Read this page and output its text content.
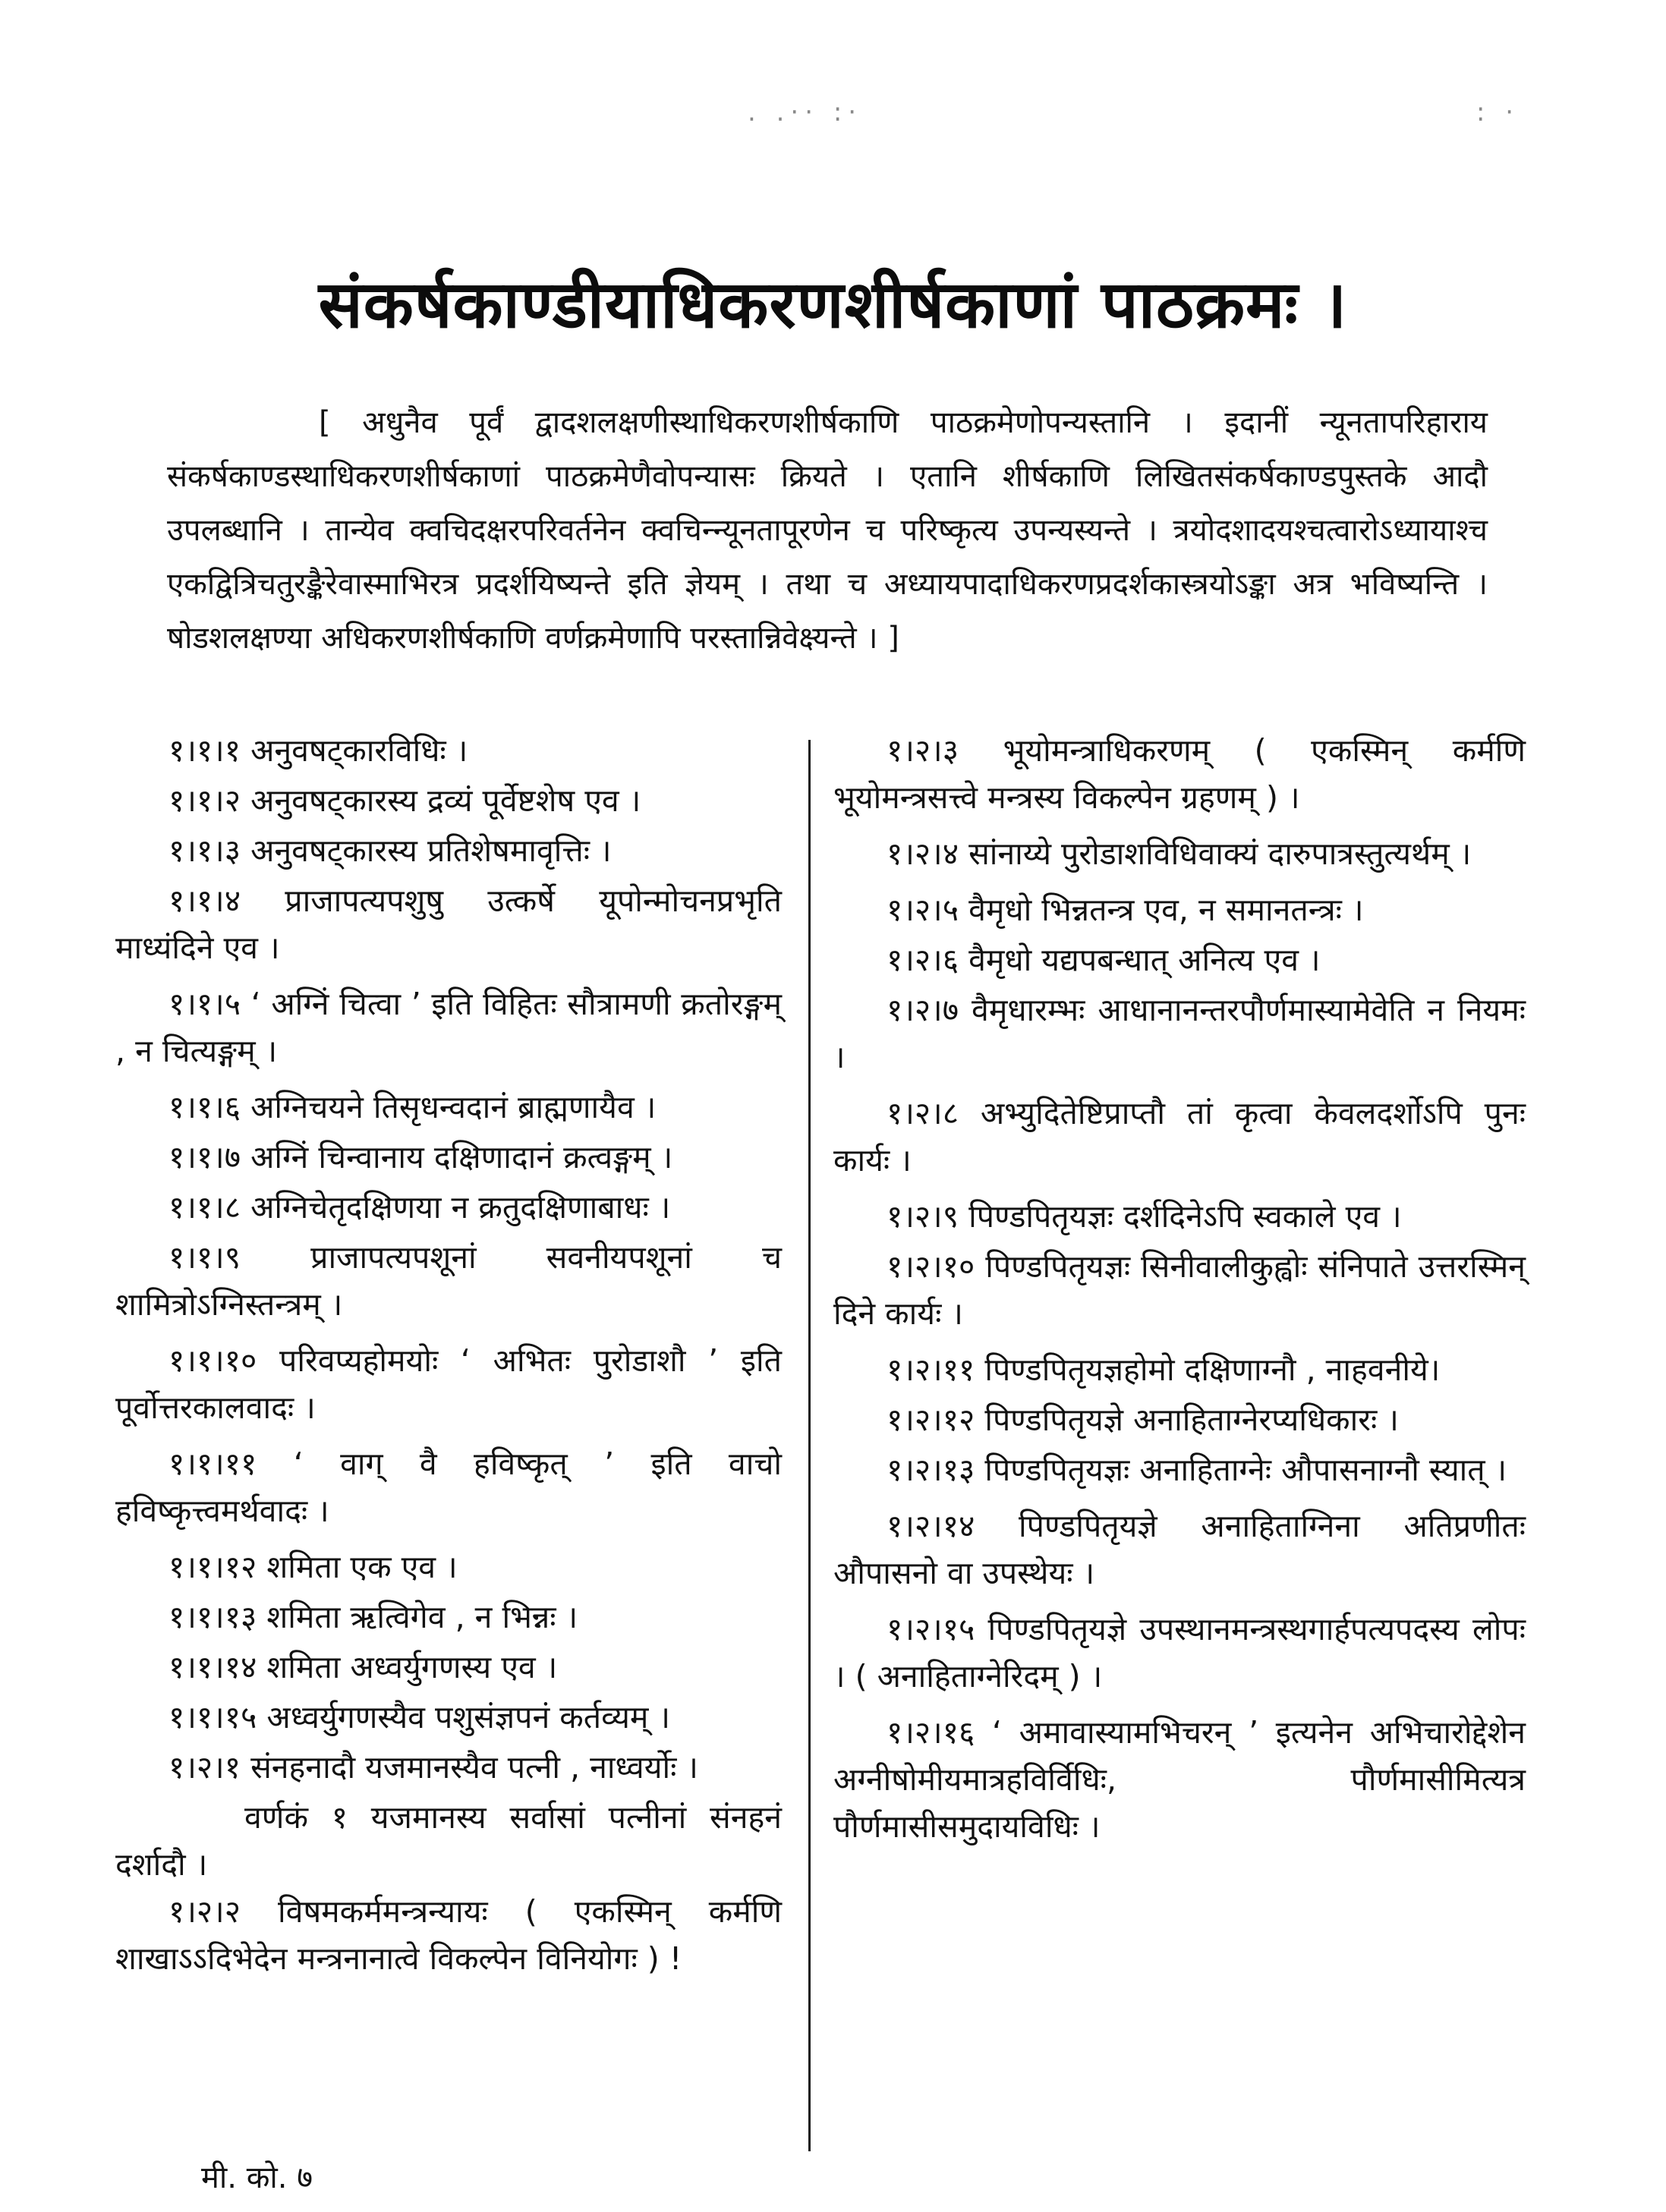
. .·· :·	: ·
संकर्षकाण्डीयाधिकरणशीर्षकाणां पाठक्रमः ।

[ अधुनैव पूर्वं द्वादशलक्षणीस्थाधिकरणशीर्षकाणि पाठक्रमेणोपन्यस्तानि । इदानीं न्यूनतापरिहाराय संकर्षकाण्डस्थाधिकरणशीर्षकाणां पाठक्रमेणैवोपन्यासः क्रियते । एतानि शीर्षकाणि लिखितसंकर्षकाण्डपुस्तके आदौ उपलब्धानि । तान्येव क्वचिदक्षरपरिवर्तनेन क्वचिन्न्यूनतापूरणेन च परिष्कृत्य उपन्यस्यन्ते । त्रयोदशादयश्चत्वारोऽध्यायाश्च एकद्वित्रिचतुरङ्कैरेवास्माभिरत्र प्रदर्शयिष्यन्ते इति ज्ञेयम् । तथा च अध्यायपादाधिकरणप्रदर्शकास्त्रयोऽङ्का अत्र भविष्यन्ति । षोडशलक्षण्या अधिकरणशीर्षकाणि वर्णक्रमेणापि परस्तान्निवेक्ष्यन्ते । ]

१।१।१ अनुवषट्कारविधिः ।

१।१।२ अनुवषट्कारस्य द्रव्यं पूर्वेष्टशेष एव ।

१।१।३ अनुवषट्कारस्य प्रतिशेषमावृत्तिः ।

१।१।४ प्राजापत्यपशुषु उत्कर्षे यूपोन्मोचनप्रभृति माध्यंदिने एव ।

१।१।५ ‘ अग्निं चित्वा ’ इति विहितः सौत्रामणी क्रतोरङ्गम् , न चित्यङ्गम् ।

१।१।६ अग्निचयने तिसृधन्वदानं ब्राह्मणायैव ।

१।१।७ अग्निं चिन्वानाय दक्षिणादानं क्रत्वङ्गम् ।

१।१।८ अग्निचेतृदक्षिणया न क्रतुदक्षिणाबाधः ।

१।१।९ प्राजापत्यपशूनां सवनीयपशूनां च शामित्रोऽग्निस्तन्त्रम् ।

१।१।१० परिवप्यहोमयोः ‘ अभितः पुरोडाशौ ’ इति पूर्वोत्तरकालवादः ।

१।१।११ ‘ वाग् वै हविष्कृत् ’ इति वाचो हविष्कृत्त्वमर्थवादः ।

१।१।१२ शमिता एक एव ।

१।१।१३ शमिता ऋत्विगेव , न भिन्नः ।

१।१।१४ शमिता अध्वर्युगणस्य एव ।

१।१।१५ अध्वर्युगणस्यैव पशुसंज्ञपनं कर्तव्यम् ।

१।२।१ संनहनादौ यजमानस्यैव पत्नी , नाध्वर्योः ।

वर्णकं १ यजमानस्य सर्वासां पत्नीनां संनहनं दर्शादौ ।

१।२।२ विषमकर्ममन्त्रन्यायः ( एकस्मिन् कर्मणि शाखाऽऽदिभेदेन मन्त्रनानात्वे विकल्पेन विनियोगः ) !

१।२।३ भूयोमन्त्राधिकरणम् ( एकस्मिन् कर्मणि भूयोमन्त्रसत्त्वे मन्त्रस्य विकल्पेन ग्रहणम् ) ।

१।२।४ सांनाय्ये पुरोडाशविधिवाक्यं दारुपात्रस्तुत्यर्थम् ।

१।२।५ वैमृधो भिन्नतन्त्र एव, न समानतन्त्रः ।

१।२।६ वैमृधो यद्यपबन्धात् अनित्य एव ।

१।२।७ वैमृधारम्भः आधानानन्तरपौर्णमास्यामेवेति न नियमः ।

१।२।८ अभ्युदितेष्टिप्राप्तौ तां कृत्वा केवलदर्शोऽपि पुनः कार्यः ।

१।२।९ पिण्डपितृयज्ञः दर्शदिनेऽपि स्वकाले एव ।

१।२।१० पिण्डपितृयज्ञः सिनीवालीकुह्वोः संनिपाते उत्तरस्मिन् दिने कार्यः ।

१।२।११ पिण्डपितृयज्ञहोमो दक्षिणाग्नौ , नाहवनीये।

१।२।१२ पिण्डपितृयज्ञे अनाहिताग्नेरप्यधिकारः ।

१।२।१३ पिण्डपितृयज्ञः अनाहिताग्नेः औपासनाग्नौ स्यात् ।

१।२।१४ पिण्डपितृयज्ञे अनाहिताग्निना अतिप्रणीतः औपासनो वा उपस्थेयः ।

१।२।१५ पिण्डपितृयज्ञे उपस्थानमन्त्रस्थगार्हपत्यपदस्य लोपः । ( अनाहिताग्नेरिदम् ) ।

१।२।१६ ‘ अमावास्यामभिचरन् ’ इत्यनेन अभिचारोद्देशेन अग्नीषोमीयमात्रहविर्विधिः, पौर्णमासीमित्यत्र पौर्णमासीसमुदायविधिः ।

मी. को. ७
